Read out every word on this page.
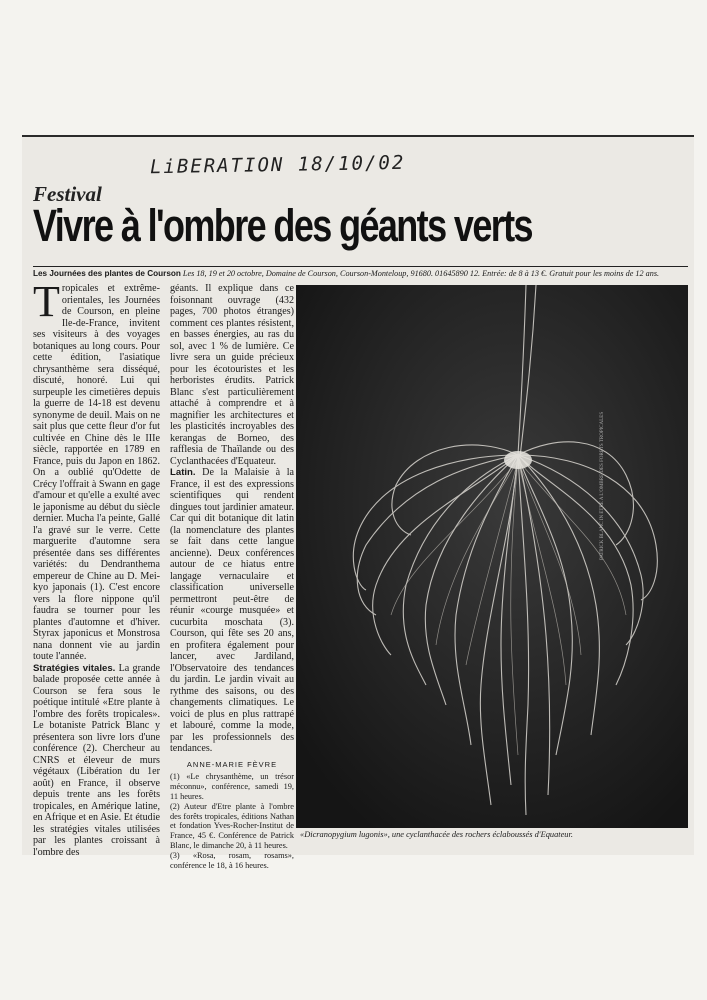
LiBERATION 18/10/02
Festival
Vivre à l'ombre des géants verts
Les Journées des plantes de Courson Les 18, 19 et 20 octobre, Domaine de Courson, Courson-Monteloup, 91680. 01645890 12. Entrée: de 8 à 13 €. Gratuit pour les moins de 12 ans.

Tropicales et extrême-orientales, les Journées de Courson, en pleine Ile-de-France, invitent ses visiteurs à des voyages botaniques au long cours. Pour cette édition, l'asiatique chrysanthème sera disséqué, discuté, honoré. Lui qui surpeuple les cimetières depuis la guerre de 14-18 est devenu synonyme de deuil. Mais on ne sait plus que cette fleur d'or fut cultivée en Chine dès le IIIe siècle, rapportée en 1789 en France, puis du Japon en 1862. On a oublié qu'Odette de Crécy l'offrait à Swann en gage d'amour et qu'elle a exulté avec le japonisme au début du siècle dernier. Mucha l'a peinte, Gallé l'a gravé sur le verre. Cette marguerite d'automne sera présentée dans ses différentes variétés: du Dendranthema empereur de Chine au D. Mei-kyo japonais (1). C'est encore vers la flore nippone qu'il faudra se tourner pour les plantes d'automne et d'hiver. Styrax japonicus et Monstrosa nana donnent vie au jardin toute l'année.

Stratégies vitales. La grande balade proposée cette année à Courson se fera sous le poétique intitulé «Etre plante à l'ombre des forêts tropicales». Le botaniste Patrick Blanc y présentera son livre lors d'une conférence (2). Chercheur au CNRS et éleveur de murs végétaux (Libération du 1er août) en France, il observe depuis trente ans les forêts tropicales, en Amérique latine, en Afrique et en Asie. Et étudie les stratégies vitales utilisées par les plantes croissant à l'ombre des

géants. Il explique dans ce foisonnant ouvrage (432 pages, 700 photos étranges) comment ces plantes résistent, en basses énergies, au ras du sol, avec 1 % de lumière. Ce livre sera un guide précieux pour les écotouristes et les herboristes érudits. Patrick Blanc s'est particulièrement attaché à comprendre et à magnifier les architectures et les plasticités incroyables des kerangas de Borneo, des rafflesia de Thaïlande ou des Cyclanthacées d'Equateur.

Latin. De la Malaisie à la France, il est des expressions scientifiques qui rendent dingues tout jardinier amateur. Car qui dit botanique dit latin (la nomenclature des plantes se fait dans cette langue ancienne). Deux conférences autour de ce hiatus entre langage vernaculaire et classification universelle permettront peut-être de réunir «courge musquée» et cucurbita moschata (3). Courson, qui fête ses 20 ans, en profitera également pour lancer, avec Jardiland, l'Observatoire des tendances du jardin. Le jardin vivait au rythme des saisons, ou des changements climatiques. Le voici de plus en plus rattrapé et labouré, comme la mode, par les professionnels des tendances.

ANNE-MARIE FÈVRE
(1) «Le chrysanthème, un trésor méconnu», conférence, samedi 19, 11 heures.
(2) Auteur d'Etre plante à l'ombre des forêts tropicales, éditions Nathan et fondation Yves-Rocher-Institut de France, 45 €. Conférence de Patrick Blanc, le dimanche 20, à 11 heures.
(3) «Rosa, rosam, rosams», conférence le 18, à 16 heures.
PATRICK BLANC IN ETRE A L'OMBRE DES FORETS TROPICALES
«Dicranopygium lugonis», une cyclanthacée des rochers éclaboussés d'Equateur.
